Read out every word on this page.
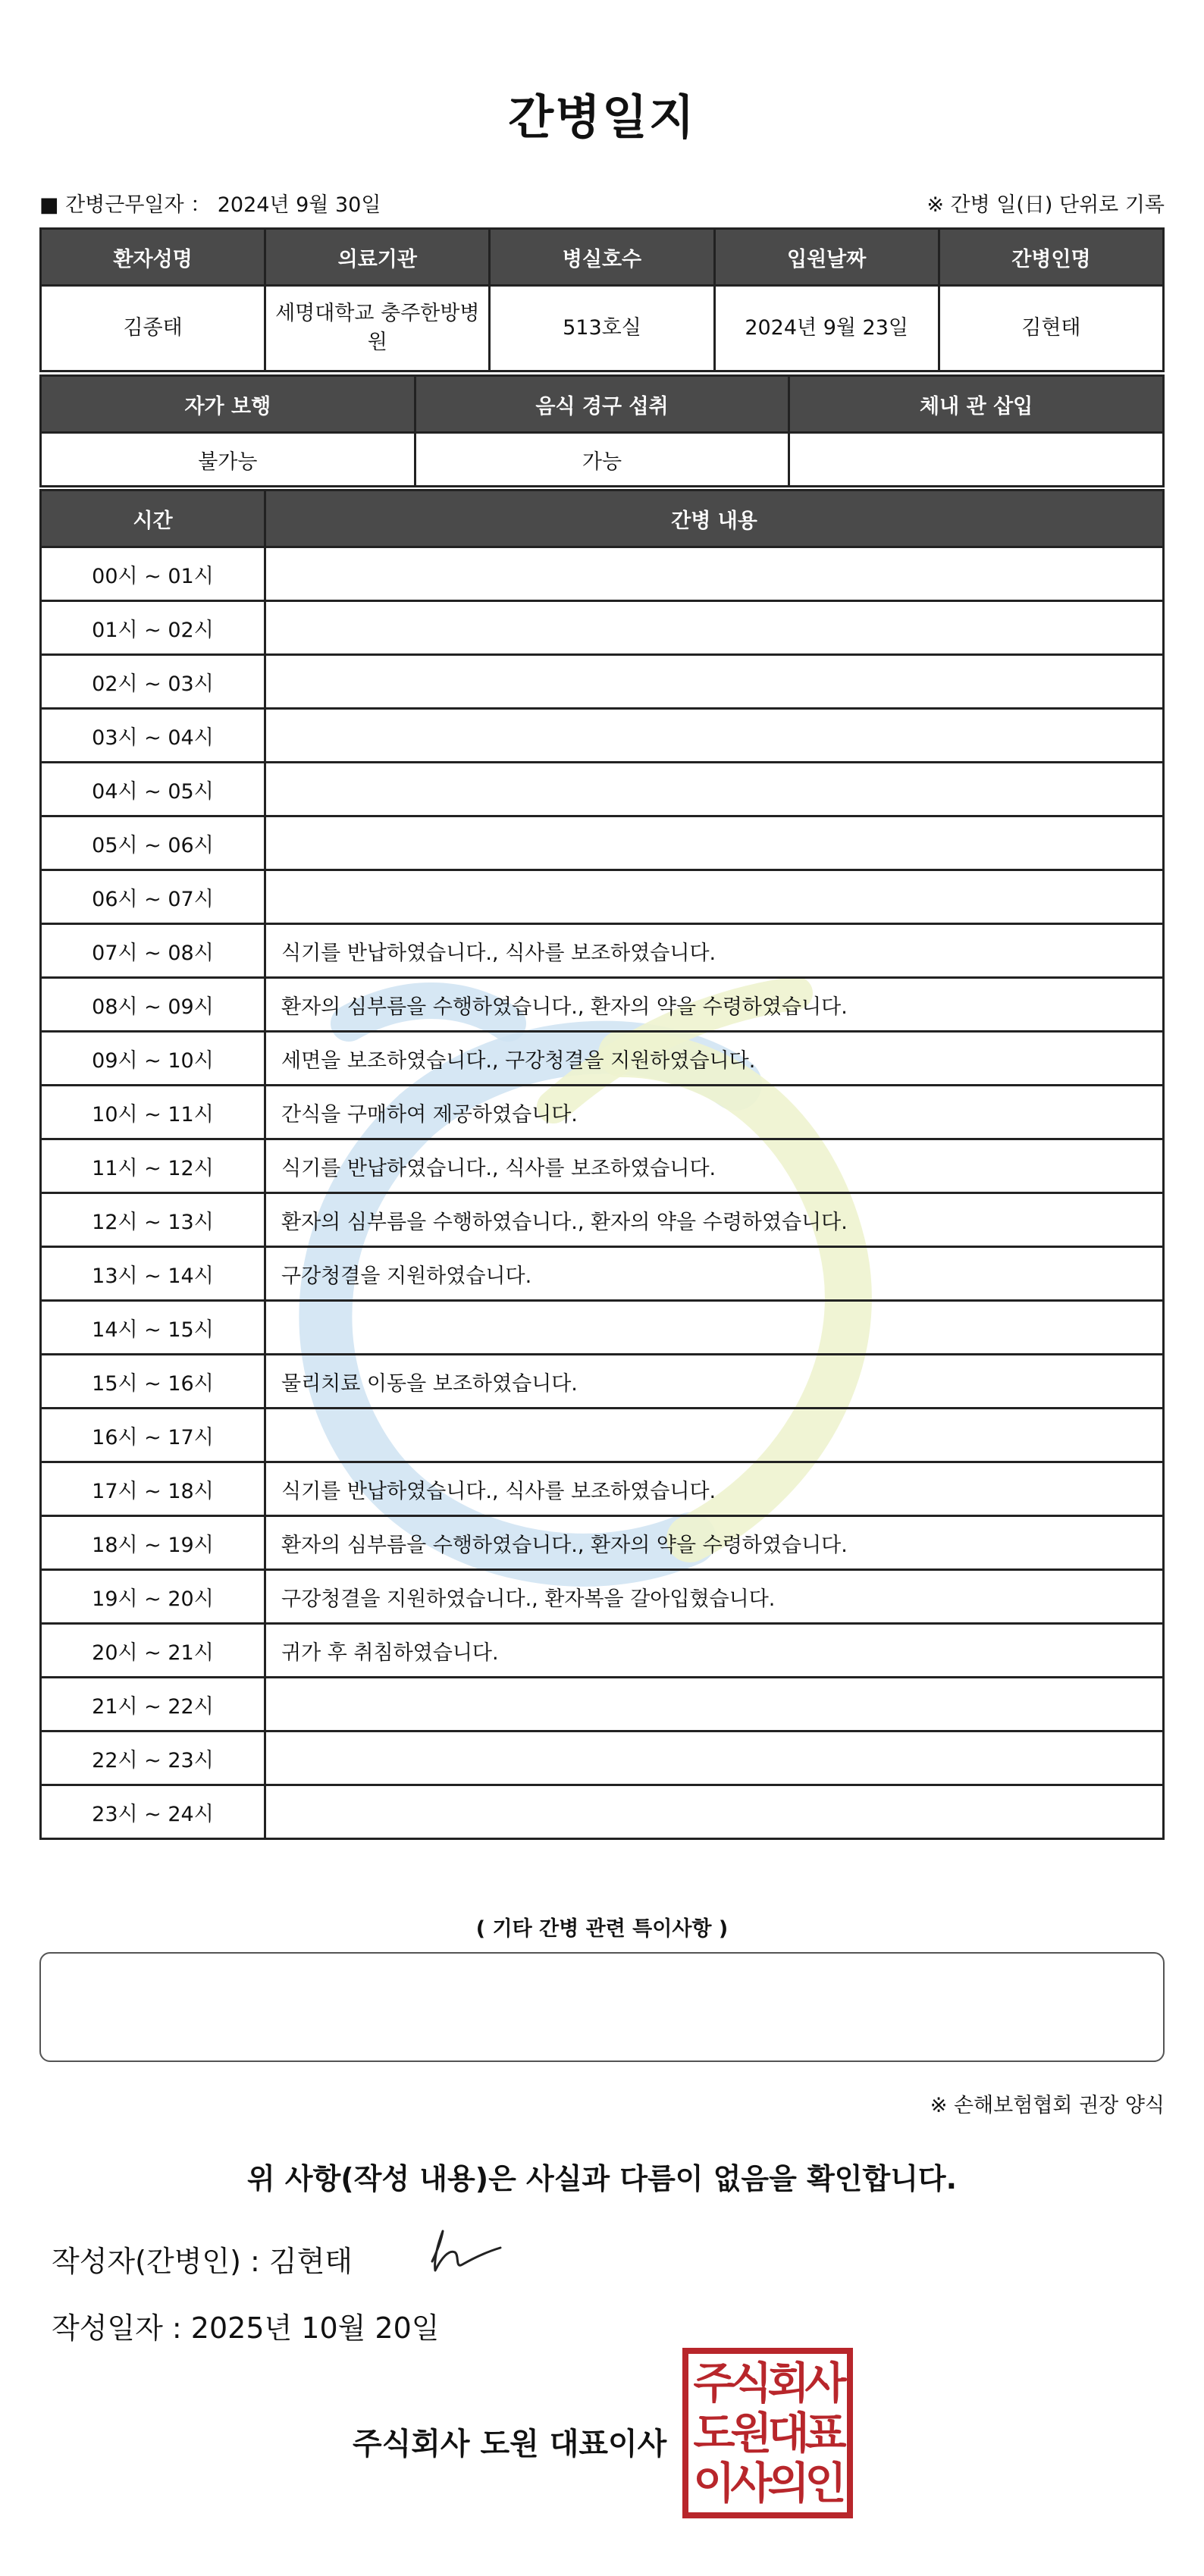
간병일지
■ 간병근무일자 ： 2024년 9월 30일	※ 간병 일(日) 단위로 기록
환자성명	의료기관	병실호수	입원날짜	간병인명
김종태	세명대학교 충주한방병원	513호실	2024년 9월 23일	김현태
자가 보행	음식 경구 섭취	체내 관 삽입
불가능	가능	
시간	간병 내용
00시 ~ 01시	
01시 ~ 02시	
02시 ~ 03시	
03시 ~ 04시	
04시 ~ 05시	
05시 ~ 06시	
06시 ~ 07시	
07시 ~ 08시	식기를 반납하였습니다., 식사를 보조하였습니다.
08시 ~ 09시	환자의 심부름을 수행하였습니다., 환자의 약을 수령하였습니다.
09시 ~ 10시	세면을 보조하였습니다., 구강청결을 지원하였습니다.
10시 ~ 11시	간식을 구매하여 제공하였습니다.
11시 ~ 12시	식기를 반납하였습니다., 식사를 보조하였습니다.
12시 ~ 13시	환자의 심부름을 수행하였습니다., 환자의 약을 수령하였습니다.
13시 ~ 14시	구강청결을 지원하였습니다.
14시 ~ 15시	
15시 ~ 16시	물리치료 이동을 보조하였습니다.
16시 ~ 17시	
17시 ~ 18시	식기를 반납하였습니다., 식사를 보조하였습니다.
18시 ~ 19시	환자의 심부름을 수행하였습니다., 환자의 약을 수령하였습니다.
19시 ~ 20시	구강청결을 지원하였습니다., 환자복을 갈아입혔습니다.
20시 ~ 21시	귀가 후 취침하였습니다.
21시 ~ 22시	
22시 ~ 23시	
23시 ~ 24시	
( 기타 간병 관련 특이사항 )
※ 손해보험협회 권장 양식
위 사항(작성 내용)은 사실과 다름이 없음을 확인합니다.
작성자(간병인) : 김현태
작성일자 : 2025년 10월 20일
주식회사 도원 대표이사
주식회사
도원대표
이사의인
